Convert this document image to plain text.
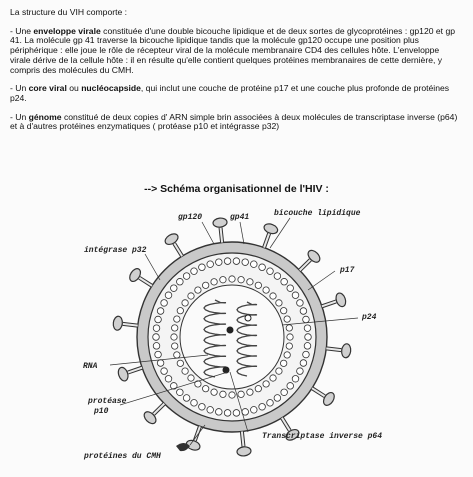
La structure du VIH comporte :

- Une enveloppe virale constituée d'une double bicouche lipidique et de deux sortes de glycoprotéines : gp120 et gp 41. La molécule gp 41 traverse la bicouche lipidique tandis que la molécule gp120 occupe une position plus périphérique : elle joue le rôle de récepteur viral de la molécule membranaire CD4 des cellules hôte. L'enveloppe virale dérive de la cellule hôte : il en résulte qu'elle contient quelques protéines membranaires de cette dernière, y compris des molécules du CMH.

- Un core viral ou nucléocapside, qui inclut une couche de protéine p17 et une couche plus profonde de protéines p24.

- Un génome constitué de deux copies d' ARN simple brin associées à deux molécules de transcriptase inverse (p64) et à d'autres protéines enzymatiques ( protéase p10 et intégrasse p32)

--> Schéma organisationnel de l'HIV :
gp120	gp41	bicouche lipidique
intégrase p32
p17
p24
RNA
protéase
p10
Transcriptase inverse p64
protéines du CMH
